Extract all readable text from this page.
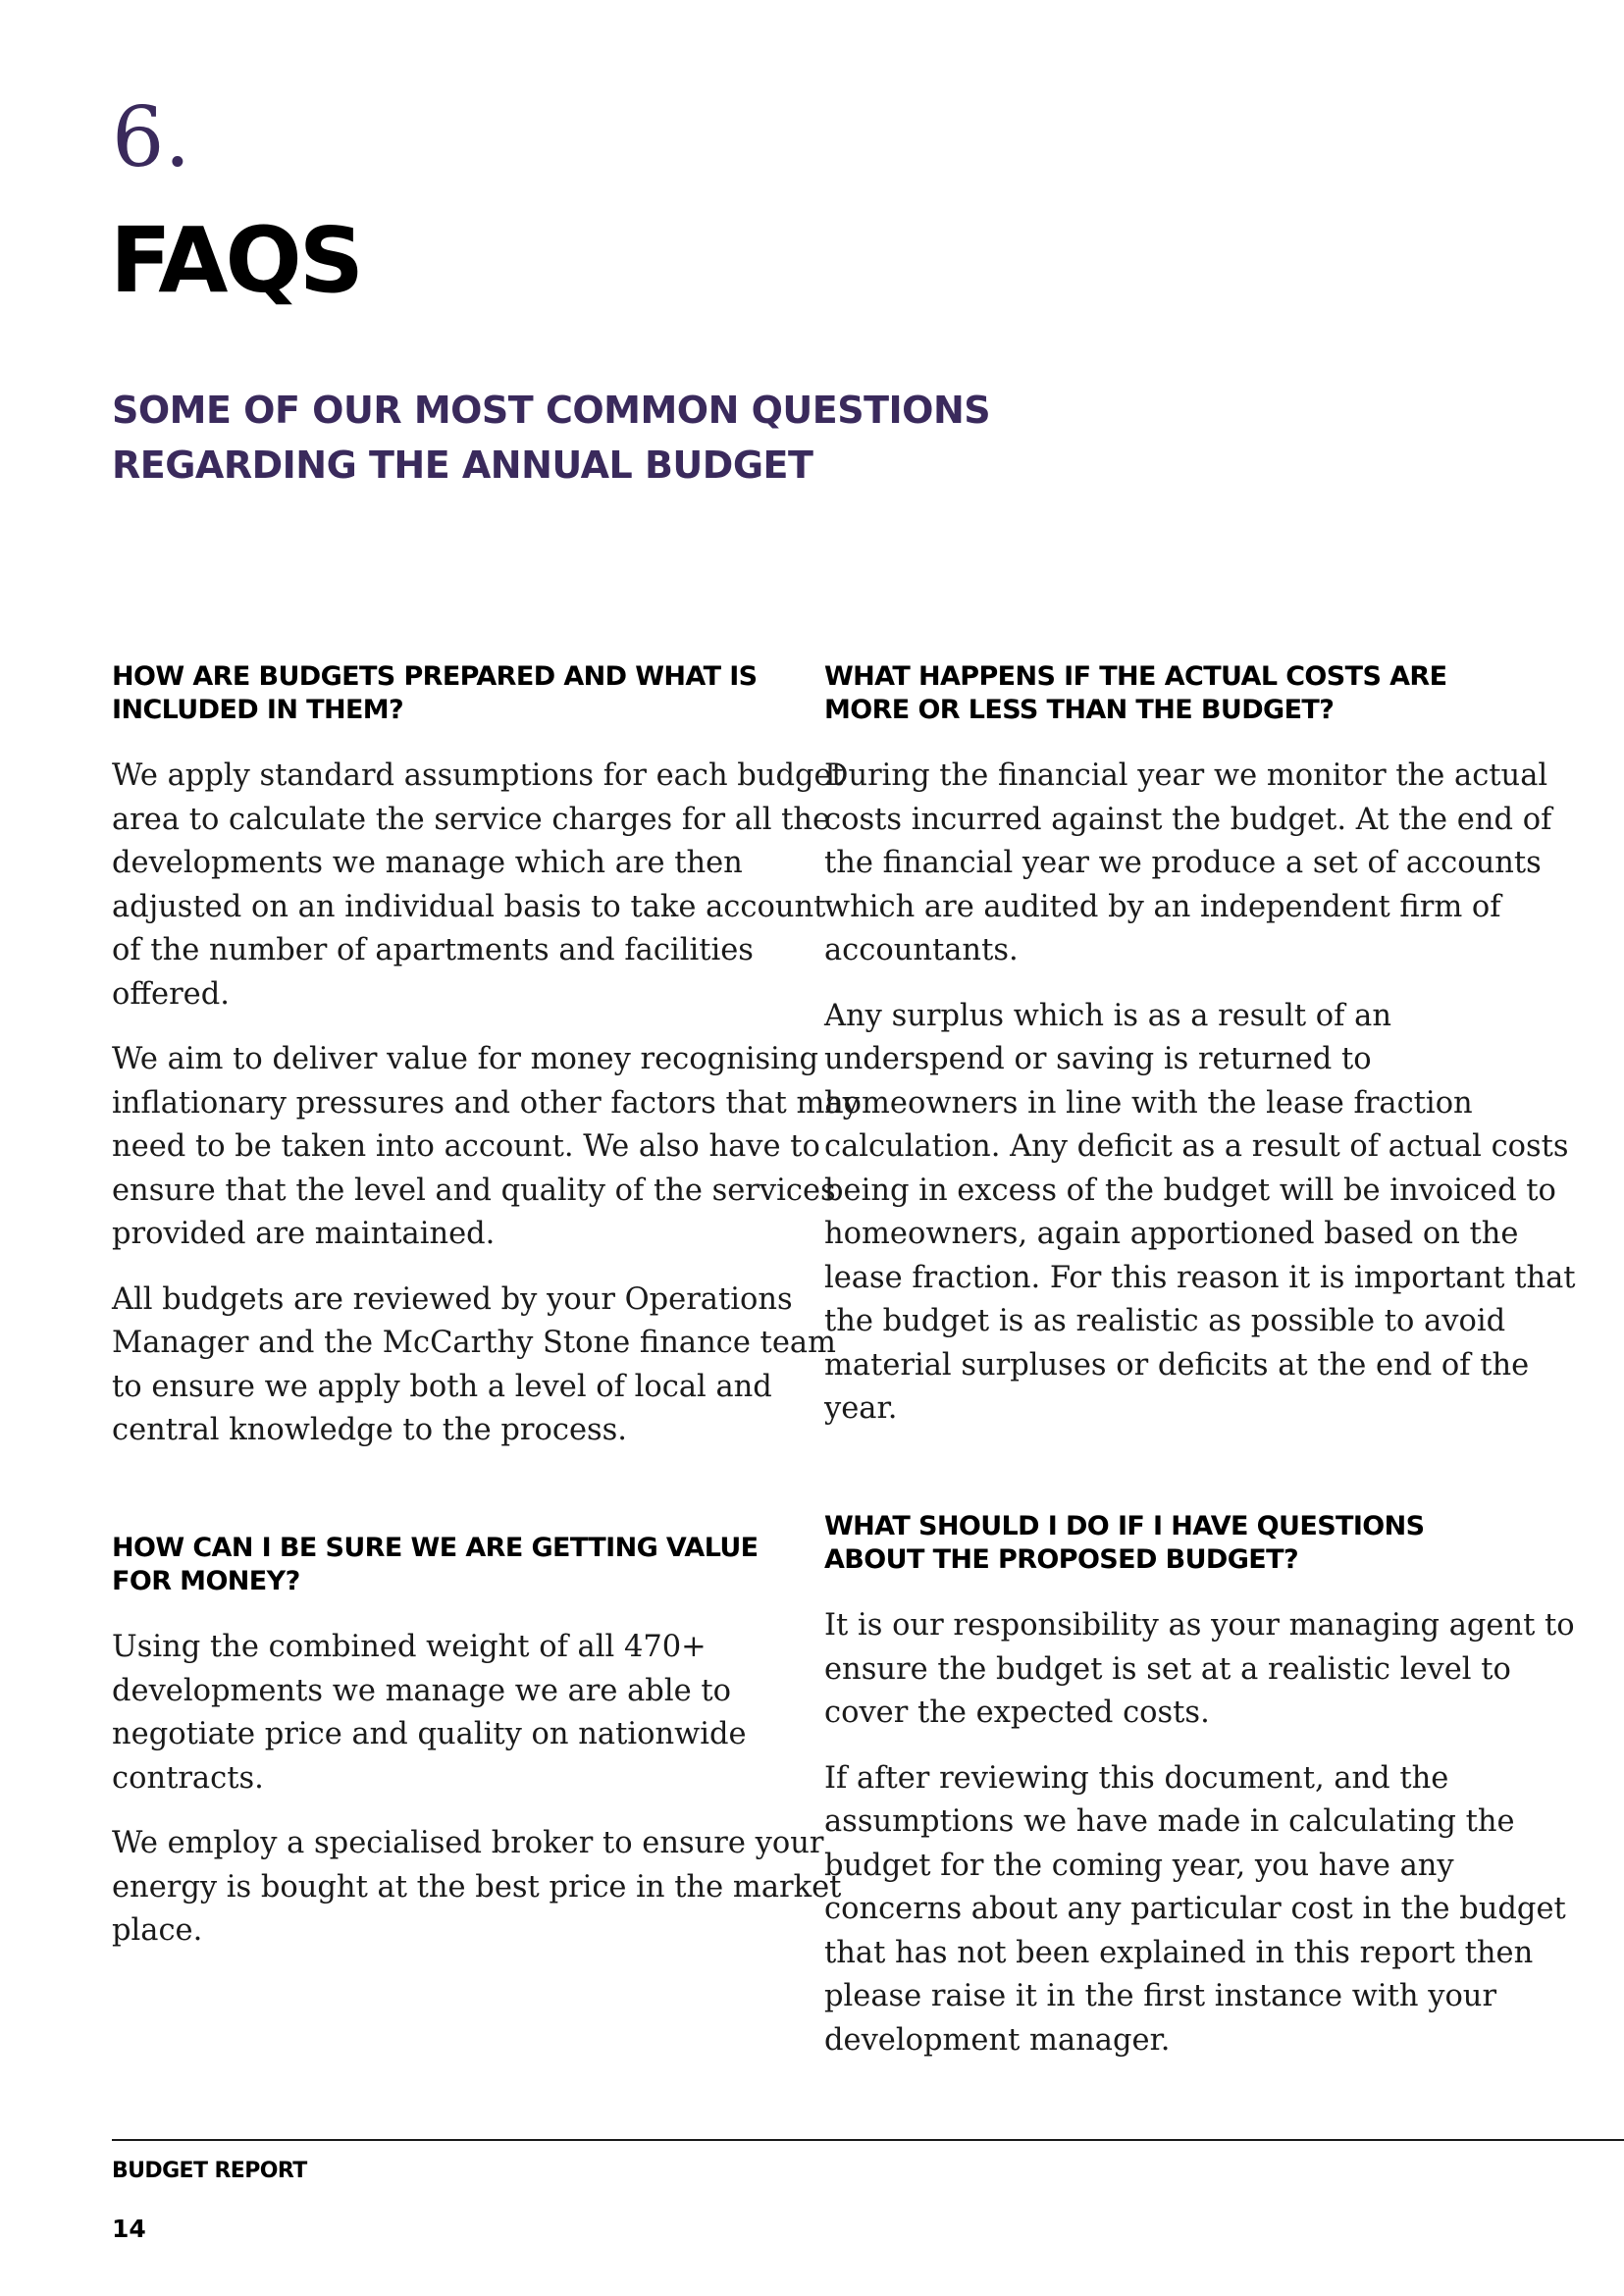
6.
FAQS
SOME OF OUR MOST COMMON QUESTIONS
REGARDING THE ANNUAL BUDGET
HOW ARE BUDGETS PREPARED AND WHAT IS
INCLUDED IN THEM?

We apply standard assumptions for each budget
area to calculate the service charges for all the
developments we manage which are then
adjusted on an individual basis to take account
of the number of apartments and facilities
offered.

We aim to deliver value for money recognising
inflationary pressures and other factors that may
need to be taken into account. We also have to
ensure that the level and quality of the services
provided are maintained.

All budgets are reviewed by your Operations
Manager and the McCarthy Stone finance team
to ensure we apply both a level of local and
central knowledge to the process.

WHAT HAPPENS IF THE ACTUAL COSTS ARE
MORE OR LESS THAN THE BUDGET?

During the financial year we monitor the actual
costs incurred against the budget. At the end of
the financial year we produce a set of accounts
which are audited by an independent firm of
accountants.

Any surplus which is as a result of an
underspend or saving is returned to
homeowners in line with the lease fraction
calculation. Any deficit as a result of actual costs
being in excess of the budget will be invoiced to
homeowners, again apportioned based on the
lease fraction. For this reason it is important that
the budget is as realistic as possible to avoid
material surpluses or deficits at the end of the
year.

HOW CAN I BE SURE WE ARE GETTING VALUE
FOR MONEY?

Using the combined weight of all 470+
developments we manage we are able to
negotiate price and quality on nationwide
contracts.

We employ a specialised broker to ensure your
energy is bought at the best price in the market
place.

WHAT SHOULD I DO IF I HAVE QUESTIONS
ABOUT THE PROPOSED BUDGET?

It is our responsibility as your managing agent to
ensure the budget is set at a realistic level to
cover the expected costs.

If after reviewing this document, and the
assumptions we have made in calculating the
budget for the coming year, you have any
concerns about any particular cost in the budget
that has not been explained in this report then
please raise it in the first instance with your
development manager.

BUDGET REPORT

14
